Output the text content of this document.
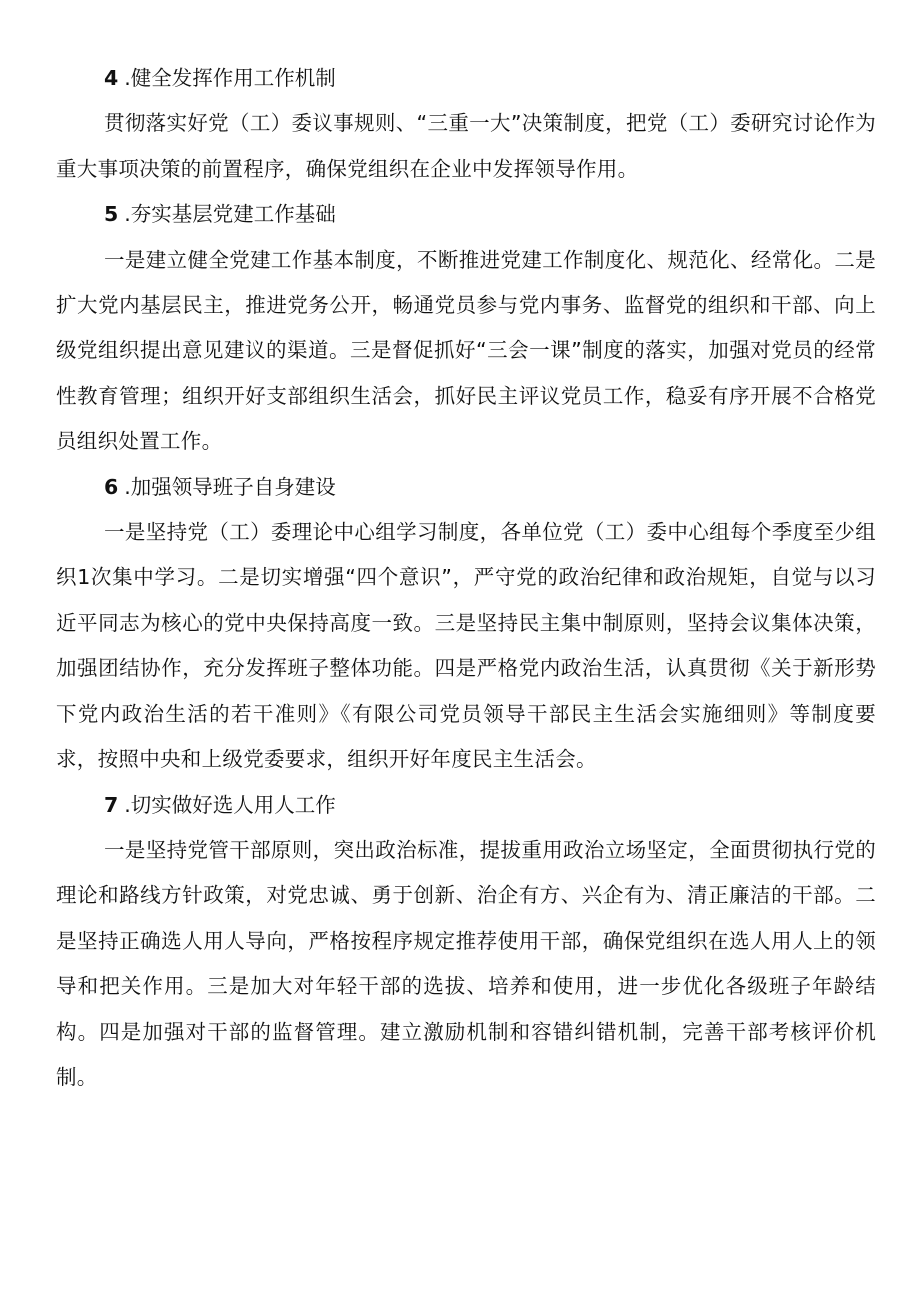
4 .健全发挥作用工作机制

贯彻落实好党（工）委议事规则、“三重一大”决策制度，把党（工）委研究讨论作为重大事项决策的前置程序，确保党组织在企业中发挥领导作用。

5 .夯实基层党建工作基础

一是建立健全党建工作基本制度，不断推进党建工作制度化、规范化、经常化。二是扩大党内基层民主，推进党务公开，畅通党员参与党内事务、监督党的组织和干部、向上级党组织提出意见建议的渠道。三是督促抓好“三会一课”制度的落实，加强对党员的经常性教育管理；组织开好支部组织生活会，抓好民主评议党员工作，稳妥有序开展不合格党员组织处置工作。

6 .加强领导班子自身建设

一是坚持党（工）委理论中心组学习制度，各单位党（工）委中心组每个季度至少组织1次集中学习。二是切实增强“四个意识”，严守党的政治纪律和政治规矩，自觉与以习近平同志为核心的党中央保持高度一致。三是坚持民主集中制原则，坚持会议集体决策，加强团结协作，充分发挥班子整体功能。四是严格党内政治生活，认真贯彻《关于新形势下党内政治生活的若干准则》《有限公司党员领导干部民主生活会实施细则》等制度要求，按照中央和上级党委要求，组织开好年度民主生活会。

7 .切实做好选人用人工作

一是坚持党管干部原则，突出政治标准，提拔重用政治立场坚定，全面贯彻执行党的理论和路线方针政策，对党忠诚、勇于创新、治企有方、兴企有为、清正廉洁的干部。二是坚持正确选人用人导向，严格按程序规定推荐使用干部，确保党组织在选人用人上的领导和把关作用。三是加大对年轻干部的选拔、培养和使用，进一步优化各级班子年龄结构。四是加强对干部的监督管理。建立激励机制和容错纠错机制，完善干部考核评价机制。
